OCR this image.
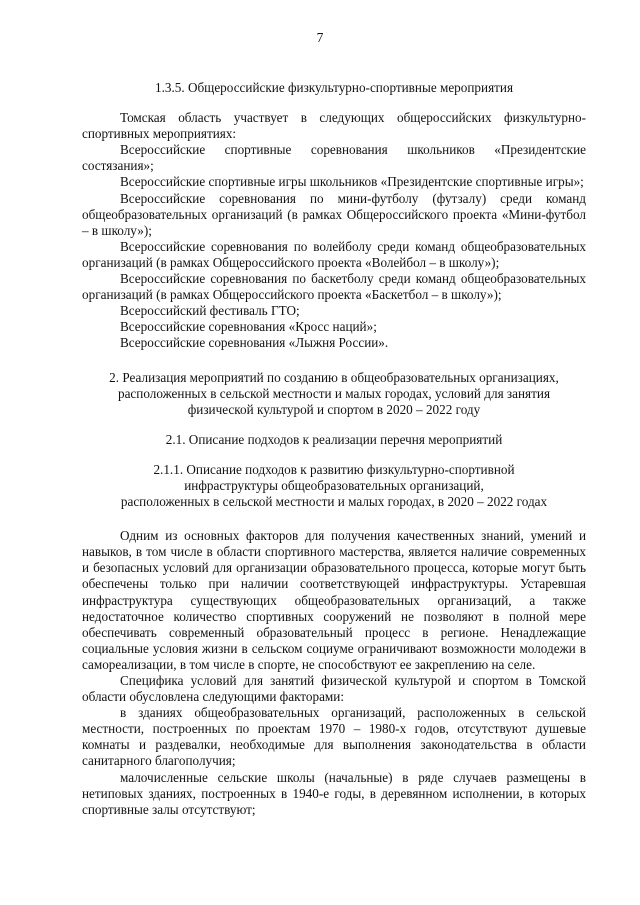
7

1.3.5. Общероссийские физкультурно-спортивные мероприятия

Томская область участвует в следующих общероссийских физкультурно-спортивных мероприятиях:

Всероссийские спортивные соревнования школьников «Президентские состязания»;

Всероссийские спортивные игры школьников «Президентские спортивные игры»;

Всероссийские соревнования по мини-футболу (футзалу) среди команд общеобразовательных организаций (в рамках Общероссийского проекта «Мини-футбол – в школу»);

Всероссийские соревнования по волейболу среди команд общеобразовательных организаций (в рамках Общероссийского проекта «Волейбол – в школу»);

Всероссийские соревнования по баскетболу среди команд общеобразовательных организаций (в рамках Общероссийского проекта «Баскетбол – в школу»);

Всероссийский фестиваль ГТО;

Всероссийские соревнования «Кросс наций»;

Всероссийские соревнования «Лыжня России».

2. Реализация мероприятий по созданию в общеобразовательных организациях,

расположенных в сельской местности и малых городах, условий для занятия

физической культурой и спортом в 2020 – 2022 году

2.1. Описание подходов к реализации перечня мероприятий

2.1.1. Описание подходов к развитию физкультурно-спортивной

инфраструктуры общеобразовательных организаций,

расположенных в сельской местности и малых городах, в 2020 – 2022 годах

Одним из основных факторов для получения качественных знаний, умений и навыков, в том числе в области спортивного мастерства, является наличие современных и безопасных условий для организации образовательного процесса, которые могут быть обеспечены только при наличии соответствующей инфраструктуры. Устаревшая инфраструктура существующих общеобразовательных организаций, а также недостаточное количество спортивных сооружений не позволяют в полной мере обеспечивать современный образовательный процесс в регионе. Ненадлежащие социальные условия жизни в сельском социуме ограничивают возможности молодежи в самореализации, в том числе в спорте, не способствуют ее закреплению на селе.

Специфика условий для занятий физической культурой и спортом в Томской области обусловлена следующими факторами:

в зданиях общеобразовательных организаций, расположенных в сельской местности, построенных по проектам 1970 – 1980-х годов, отсутствуют душевые комнаты и раздевалки, необходимые для выполнения законодательства в области санитарного благополучия;

малочисленные сельские школы (начальные) в ряде случаев размещены в нетиповых зданиях, построенных в 1940-е годы, в деревянном исполнении, в которых спортивные залы отсутствуют;
